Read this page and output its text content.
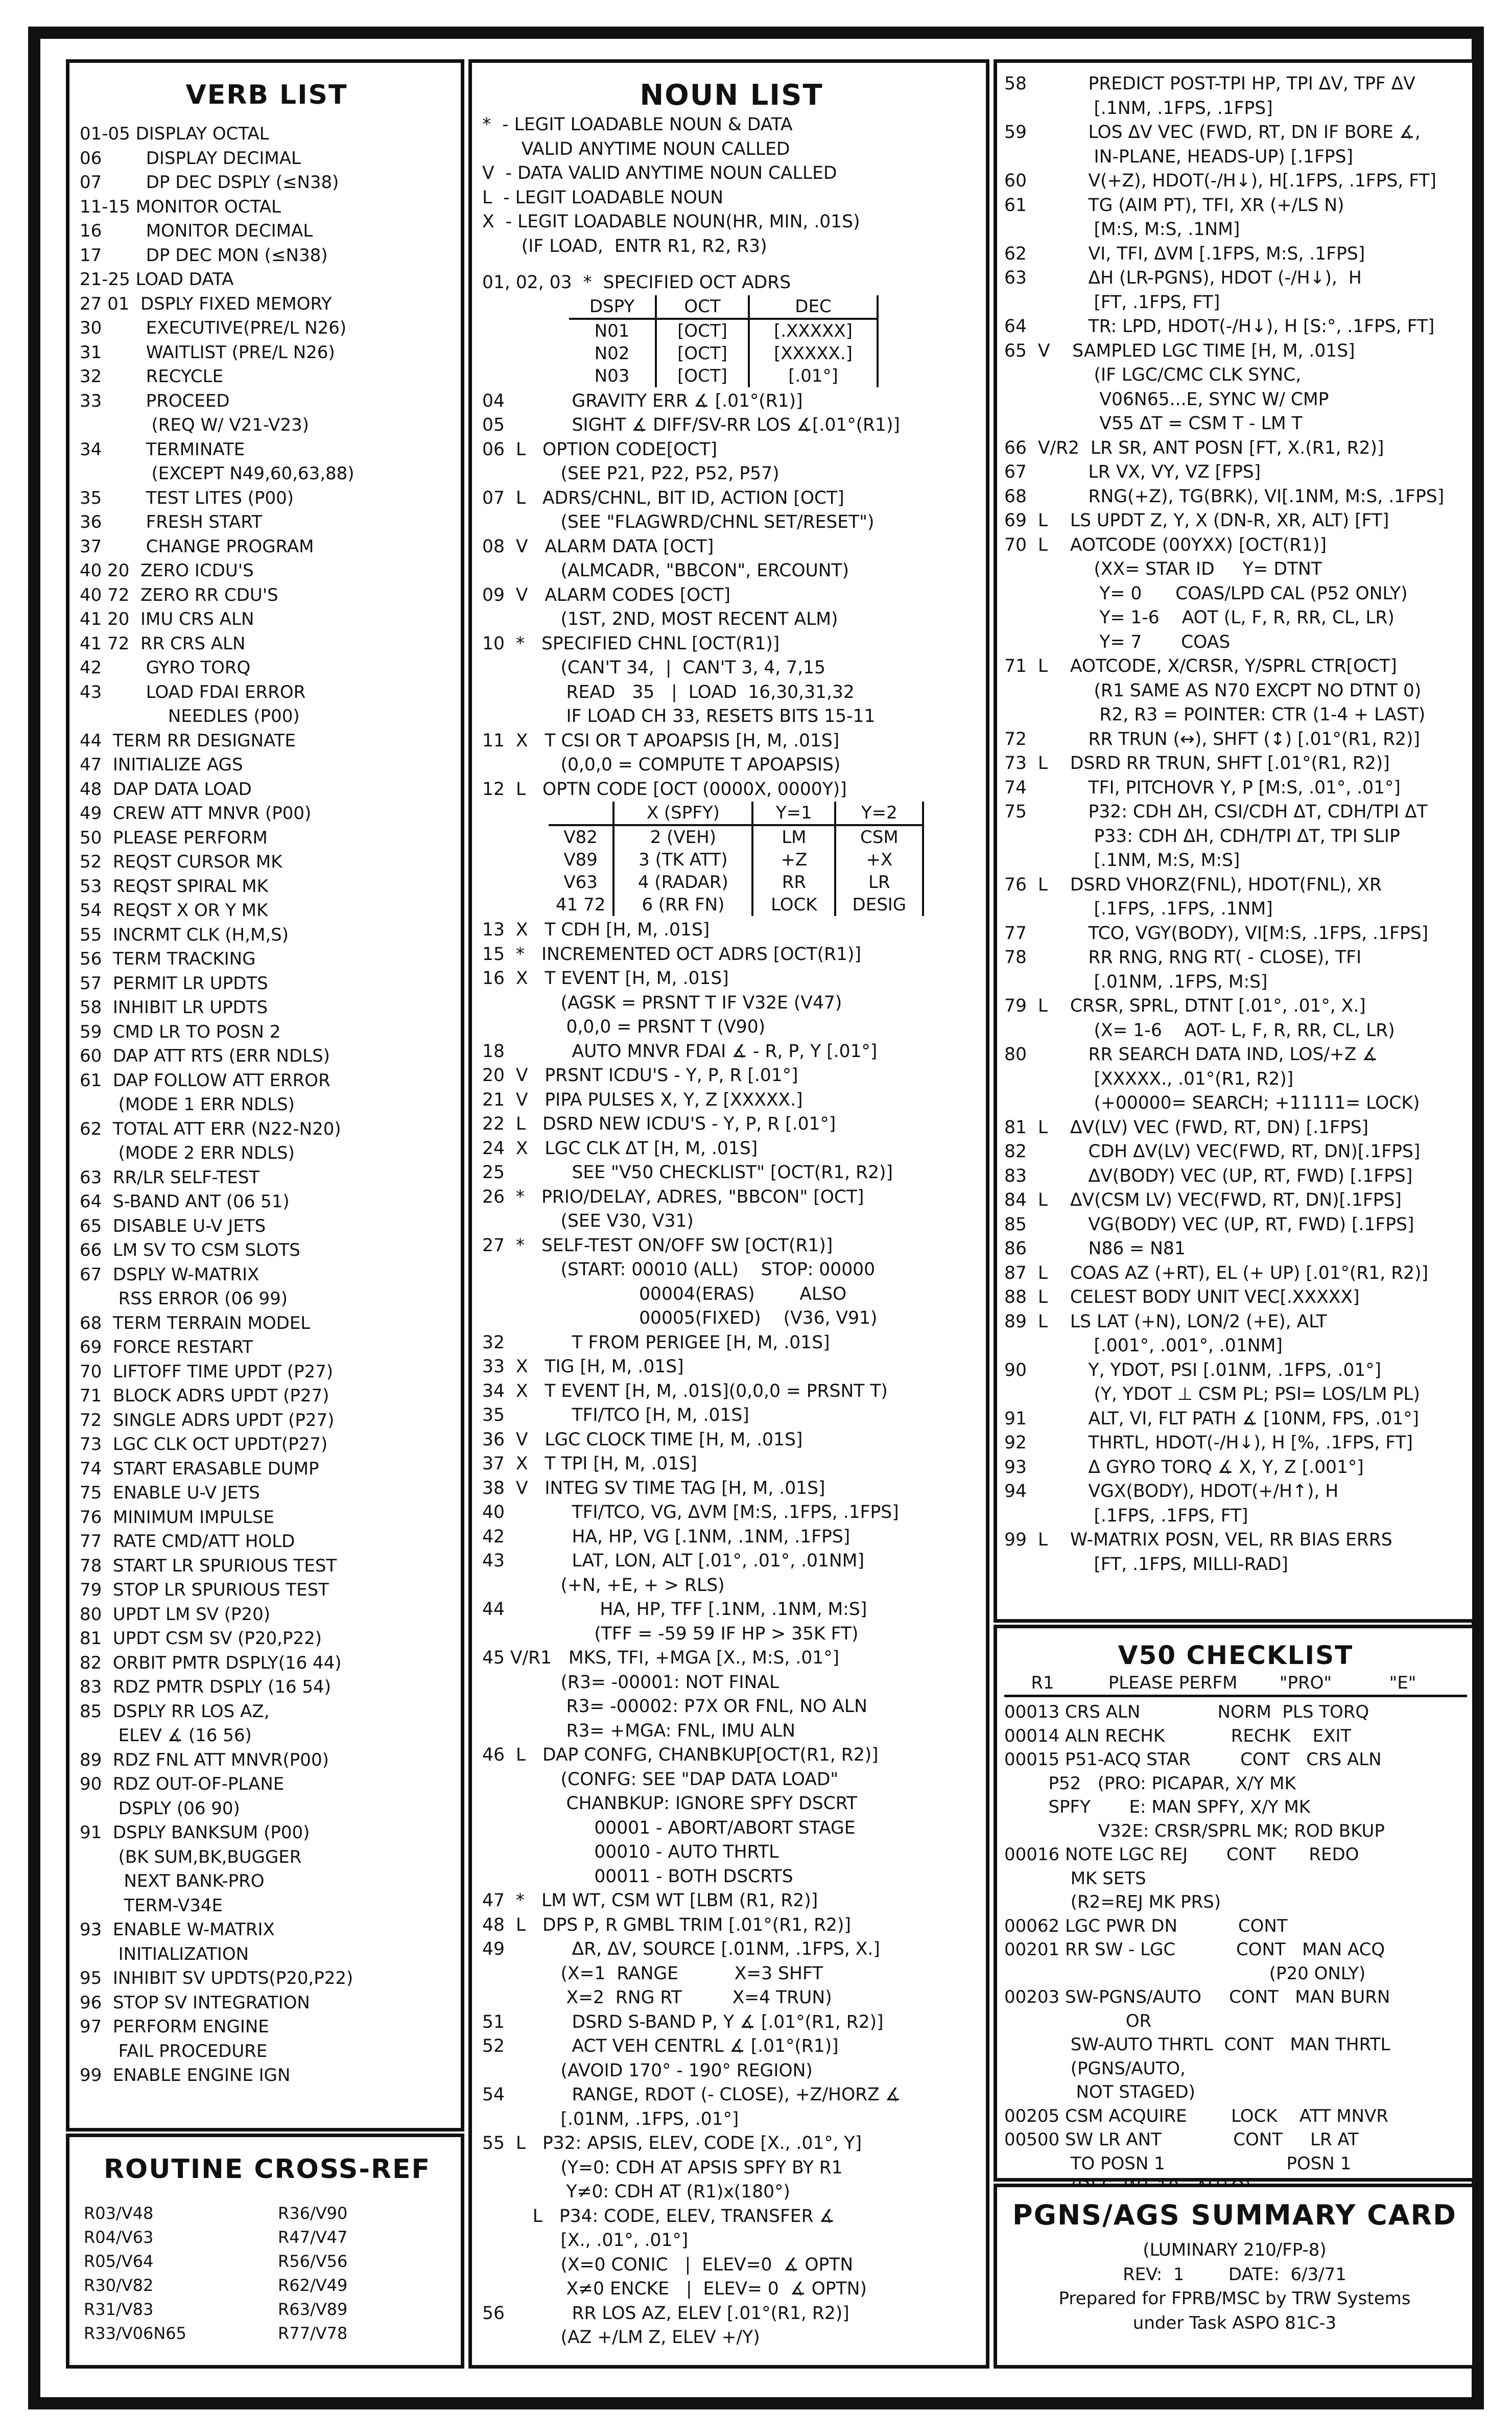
VERB LIST
01-05 DISPLAY OCTAL
06        DISPLAY DECIMAL
07        DP DEC DSPLY (≤N38)
11-15 MONITOR OCTAL
16        MONITOR DECIMAL
17        DP DEC MON (≤N38)
21-25 LOAD DATA
27 01  DSPLY FIXED MEMORY
30        EXECUTIVE(PRE/L N26)
31        WAITLIST (PRE/L N26)
32        RECYCLE
33        PROCEED
(REQ W/ V21-V23)
34        TERMINATE
(EXCEPT N49,60,63,88)
35        TEST LITES (P00)
36        FRESH START
37        CHANGE PROGRAM
40 20  ZERO ICDU'S
40 72  ZERO RR CDU'S
41 20  IMU CRS ALN
41 72  RR CRS ALN
42        GYRO TORQ
43        LOAD FDAI ERROR
NEEDLES (P00)
44  TERM RR DESIGNATE
47  INITIALIZE AGS
48  DAP DATA LOAD
49  CREW ATT MNVR (P00)
50  PLEASE PERFORM
52  REQST CURSOR MK
53  REQST SPIRAL MK
54  REQST X OR Y MK
55  INCRMT CLK (H,M,S)
56  TERM TRACKING
57  PERMIT LR UPDTS
58  INHIBIT LR UPDTS
59  CMD LR TO POSN 2
60  DAP ATT RTS (ERR NDLS)
61  DAP FOLLOW ATT ERROR
(MODE 1 ERR NDLS)
62  TOTAL ATT ERR (N22-N20)
(MODE 2 ERR NDLS)
63  RR/LR SELF-TEST
64  S-BAND ANT (06 51)
65  DISABLE U-V JETS
66  LM SV TO CSM SLOTS
67  DSPLY W-MATRIX
RSS ERROR (06 99)
68  TERM TERRAIN MODEL
69  FORCE RESTART
70  LIFTOFF TIME UPDT (P27)
71  BLOCK ADRS UPDT (P27)
72  SINGLE ADRS UPDT (P27)
73  LGC CLK OCT UPDT(P27)
74  START ERASABLE DUMP
75  ENABLE U-V JETS
76  MINIMUM IMPULSE
77  RATE CMD/ATT HOLD
78  START LR SPURIOUS TEST
79  STOP LR SPURIOUS TEST
80  UPDT LM SV (P20)
81  UPDT CSM SV (P20,P22)
82  ORBIT PMTR DSPLY(16 44)
83  RDZ PMTR DSPLY (16 54)
85  DSPLY RR LOS AZ,
ELEV ∡ (16 56)
89  RDZ FNL ATT MNVR(P00)
90  RDZ OUT-OF-PLANE
DSPLY (06 90)
91  DSPLY BANKSUM (P00)
(BK SUM,BK,BUGGER
NEXT BANK-PRO
TERM-V34E
93  ENABLE W-MATRIX
INITIALIZATION
95  INHIBIT SV UPDTS(P20,P22)
96  STOP SV INTEGRATION
97  PERFORM ENGINE
FAIL PROCEDURE
99  ENABLE ENGINE IGN
ROUTINE CROSS-REF
R03/V48	R36/V90
R04/V63	R47/V47
R05/V64	R56/V56
R30/V82	R62/V49
R31/V83	R63/V89
R33/V06N65	R77/V78
NOUN LIST
*  - LEGIT LOADABLE NOUN & DATA
VALID ANYTIME NOUN CALLED
V  - DATA VALID ANYTIME NOUN CALLED
L  - LEGIT LOADABLE NOUN
X  - LEGIT LOADABLE NOUN(HR, MIN, .01S)
(IF LOAD,  ENTR R1, R2, R3)
01, 02, 03  *  SPECIFIED OCT ADRS
DSPY	OCT	DEC
N01	[OCT]	[.XXXXX]
N02	[OCT]	[XXXXX.]
N03	[OCT]	[.01°]
04            GRAVITY ERR ∡ [.01°(R1)]
05            SIGHT ∡ DIFF/SV-RR LOS ∡[.01°(R1)]
06  L   OPTION CODE[OCT]
(SEE P21, P22, P52, P57)
07  L   ADRS/CHNL, BIT ID, ACTION [OCT]
(SEE "FLAGWRD/CHNL SET/RESET")
08  V   ALARM DATA [OCT]
(ALMCADR, "BBCON", ERCOUNT)
09  V   ALARM CODES [OCT]
(1ST, 2ND, MOST RECENT ALM)
10  *   SPECIFIED CHNL [OCT(R1)]
(CAN'T 34,  |  CAN'T 3, 4, 7,15
READ   35   |  LOAD  16,30,31,32
IF LOAD CH 33, RESETS BITS 15-11
11  X   T CSI OR T APOAPSIS [H, M, .01S]
(0,0,0 = COMPUTE T APOAPSIS)
12  L   OPTN CODE [OCT (0000X, 0000Y)]
	X (SPFY)	Y=1	Y=2
V82	2 (VEH)	LM	CSM
V89	3 (TK ATT)	+Z	+X
V63	4 (RADAR)	RR	LR
41 72	6 (RR FN)	LOCK	DESIG
13  X   T CDH [H, M, .01S]
15  *   INCREMENTED OCT ADRS [OCT(R1)]
16  X   T EVENT [H, M, .01S]
(AGSK = PRSNT T IF V32E (V47)
0,0,0 = PRSNT T (V90)
18            AUTO MNVR FDAI ∡ - R, P, Y [.01°]
20  V   PRSNT ICDU'S - Y, P, R [.01°]
21  V   PIPA PULSES X, Y, Z [XXXXX.]
22  L   DSRD NEW ICDU'S - Y, P, R [.01°]
24  X   LGC CLK ΔT [H, M, .01S]
25            SEE "V50 CHECKLIST" [OCT(R1, R2)]
26  *   PRIO/DELAY, ADRES, "BBCON" [OCT]
(SEE V30, V31)
27  *   SELF-TEST ON/OFF SW [OCT(R1)]
(START: 00010 (ALL)    STOP: 00000
00004(ERAS)        ALSO
00005(FIXED)    (V36, V91)
32            T FROM PERIGEE [H, M, .01S]
33  X   TIG [H, M, .01S]
34  X   T EVENT [H, M, .01S](0,0,0 = PRSNT T)
35            TFI/TCO [H, M, .01S]
36  V   LGC CLOCK TIME [H, M, .01S]
37  X   T TPI [H, M, .01S]
38  V   INTEG SV TIME TAG [H, M, .01S]
40            TFI/TCO, VG, ΔVM [M:S, .1FPS, .1FPS]
42            HA, HP, VG [.1NM, .1NM, .1FPS]
43            LAT, LON, ALT [.01°, .01°, .01NM]
(+N, +E, + > RLS)
44                 HA, HP, TFF [.1NM, .1NM, M:S]
(TFF = -59 59 IF HP > 35K FT)
45 V/R1   MKS, TFI, +MGA [X., M:S, .01°]
(R3= -00001: NOT FINAL
R3= -00002: P7X OR FNL, NO ALN
R3= +MGA: FNL, IMU ALN
46  L   DAP CONFG, CHANBKUP[OCT(R1, R2)]
(CONFG: SEE "DAP DATA LOAD"
CHANBKUP: IGNORE SPFY DSCRT
00001 - ABORT/ABORT STAGE
00010 - AUTO THRTL
00011 - BOTH DSCRTS
47  *   LM WT, CSM WT [LBM (R1, R2)]
48  L   DPS P, R GMBL TRIM [.01°(R1, R2)]
49            ΔR, ΔV, SOURCE [.01NM, .1FPS, X.]
(X=1  RANGE          X=3 SHFT
X=2  RNG RT         X=4 TRUN)
51            DSRD S-BAND P, Y ∡ [.01°(R1, R2)]
52            ACT VEH CENTRL ∡ [.01°(R1)]
(AVOID 170° - 190° REGION)
54            RANGE, RDOT (- CLOSE), +Z/HORZ ∡
[.01NM, .1FPS, .01°]
55  L   P32: APSIS, ELEV, CODE [X., .01°, Y]
(Y=0: CDH AT APSIS SPFY BY R1
Y≠0: CDH AT (R1)x(180°)
L   P34: CODE, ELEV, TRANSFER ∡
[X., .01°, .01°]
(X=0 CONIC   |  ELEV=0  ∡ OPTN
X≠0 ENCKE   |  ELEV= 0  ∡ OPTN)
56            RR LOS AZ, ELEV [.01°(R1, R2)]
(AZ +/LM Z, ELEV +/Y)
58           PREDICT POST-TPI HP, TPI ΔV, TPF ΔV
[.1NM, .1FPS, .1FPS]
59           LOS ΔV VEC (FWD, RT, DN IF BORE ∡,
IN-PLANE, HEADS-UP) [.1FPS]
60           V(+Z), HDOT(-/H↓), H[.1FPS, .1FPS, FT]
61           TG (AIM PT), TFI, XR (+/LS N)
[M:S, M:S, .1NM]
62           VI, TFI, ΔVM [.1FPS, M:S, .1FPS]
63           ΔH (LR-PGNS), HDOT (-/H↓),  H
[FT, .1FPS, FT]
64           TR: LPD, HDOT(-/H↓), H [S:°, .1FPS, FT]
65  V    SAMPLED LGC TIME [H, M, .01S]
(IF LGC/CMC CLK SYNC,
V06N65...E, SYNC W/ CMP
V55 ΔT = CSM T - LM T
66  V/R2  LR SR, ANT POSN [FT, X.(R1, R2)]
67           LR VX, VY, VZ [FPS]
68           RNG(+Z), TG(BRK), VI[.1NM, M:S, .1FPS]
69  L    LS UPDT Z, Y, X (DN-R, XR, ALT) [FT]
70  L    AOTCODE (00YXX) [OCT(R1)]
(XX= STAR ID     Y= DTNT
Y= 0      COAS/LPD CAL (P52 ONLY)
Y= 1-6    AOT (L, F, R, RR, CL, LR)
Y= 7       COAS
71  L    AOTCODE, X/CRSR, Y/SPRL CTR[OCT]
(R1 SAME AS N70 EXCPT NO DTNT 0)
R2, R3 = POINTER: CTR (1-4 + LAST)
72           RR TRUN (↔), SHFT (↕) [.01°(R1, R2)]
73  L    DSRD RR TRUN, SHFT [.01°(R1, R2)]
74           TFI, PITCHOVR Y, P [M:S, .01°, .01°]
75           P32: CDH ΔH, CSI/CDH ΔT, CDH/TPI ΔT
P33: CDH ΔH, CDH/TPI ΔT, TPI SLIP
[.1NM, M:S, M:S]
76  L    DSRD VHORZ(FNL), HDOT(FNL), XR
[.1FPS, .1FPS, .1NM]
77           TCO, VGY(BODY), VI[M:S, .1FPS, .1FPS]
78           RR RNG, RNG RT( - CLOSE), TFI
[.01NM, .1FPS, M:S]
79  L    CRSR, SPRL, DTNT [.01°, .01°, X.]
(X= 1-6    AOT- L, F, R, RR, CL, LR)
80           RR SEARCH DATA IND, LOS/+Z ∡
[XXXXX., .01°(R1, R2)]
(+00000= SEARCH; +11111= LOCK)
81  L    ΔV(LV) VEC (FWD, RT, DN) [.1FPS]
82           CDH ΔV(LV) VEC(FWD, RT, DN)[.1FPS]
83           ΔV(BODY) VEC (UP, RT, FWD) [.1FPS]
84  L    ΔV(CSM LV) VEC(FWD, RT, DN)[.1FPS]
85           VG(BODY) VEC (UP, RT, FWD) [.1FPS]
86           N86 = N81
87  L    COAS AZ (+RT), EL (+ UP) [.01°(R1, R2)]
88  L    CELEST BODY UNIT VEC[.XXXXX]
89  L    LS LAT (+N), LON/2 (+E), ALT
[.001°, .001°, .01NM]
90           Y, YDOT, PSI [.01NM, .1FPS, .01°]
(Y, YDOT ⊥ CSM PL; PSI= LOS/LM PL)
91           ALT, VI, FLT PATH ∡ [10NM, FPS, .01°]
92           THRTL, HDOT(-/H↓), H [%, .1FPS, FT]
93           Δ GYRO TORQ ∡ X, Y, Z [.001°]
94           VGX(BODY), HDOT(+/H↑), H
[.1FPS, .1FPS, FT]
99  L    W-MATRIX POSN, VEL, RR BIAS ERRS
[FT, .1FPS, MILLI-RAD]
V50 CHECKLIST
R1	PLEASE PERFM	"PRO"	"E"
00013 CRS ALN              NORM  PLS TORQ
00014 ALN RECHK            RECHK    EXIT
00015 P51-ACQ STAR         CONT   CRS ALN
P52   (PRO: PICAPAR, X/Y MK
SPFY       E: MAN SPFY, X/Y MK
V32E: CRSR/SPRL MK; ROD BKUP
00016 NOTE LGC REJ       CONT      REDO
MK SETS
(R2=REJ MK PRS)
00062 LGC PWR DN           CONT
00201 RR SW - LGC           CONT   MAN ACQ
(P20 ONLY)
00203 SW-PGNS/AUTO     CONT   MAN BURN
OR
SW-AUTO THRTL  CONT   MAN THRTL
(PGNS/AUTO,
NOT STAGED)
00205 CSM ACQUIRE        LOCK    ATT MNVR
00500 SW LR ANT             CONT     LR AT
TO POSN 1                      POSN 1
PGNS/AGS SUMMARY CARD
(LUMINARY 210/FP-8)
REV:  1        DATE:  6/3/71
Prepared for FPRB/MSC by TRW Systems
under Task ASPO 81C-3
